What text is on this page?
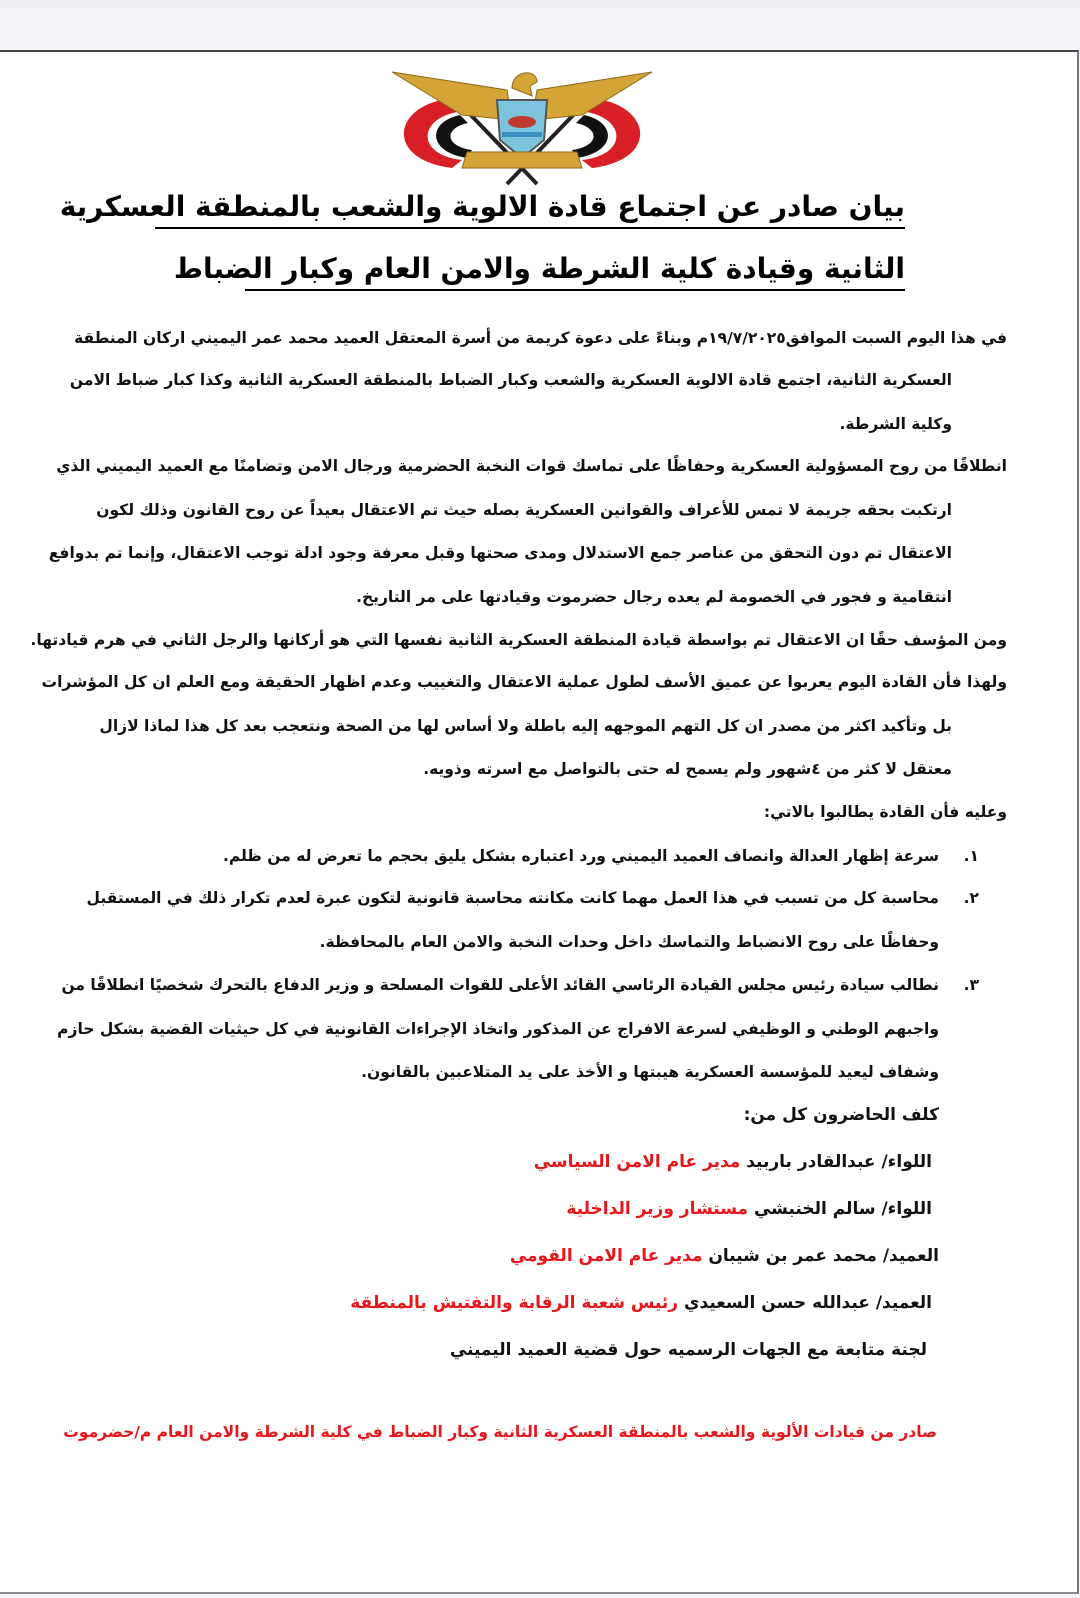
بيان صادر عن اجتماع قادة الالوية والشعب بالمنطقة العسكرية
الثانية وقيادة كلية الشرطة والامن العام وكبار الضباط
في هذا اليوم السبت الموافق١٩/٧/٢٠٢٥م وبناءً على دعوة كريمة من أسرة المعتقل العميد محمد عمر اليميني اركان المنطقة
العسكرية الثانية، اجتمع قادة الالوية العسكرية والشعب وكبار الضباط بالمنطقة العسكرية الثانية وكذا كبار ضباط الامن
وكلية الشرطة.
انطلاقًا من روح المسؤولية العسكرية وحفاظًا على تماسك قوات النخبة الحضرمية ورجال الامن وتضامنًا مع العميد اليميني الذي
ارتكبت بحقه جريمة لا تمس للأعراف والقوانين العسكرية بصله حيث تم الاعتقال بعيداً عن روح القانون وذلك لكون
الاعتقال تم دون التحقق من عناصر جمع الاستدلال ومدى صحتها وقبل معرفة وجود ادلة توجب الاعتقال، وإنما تم بدوافع
انتقامية و فجور في الخصومة لم يعده رجال حضرموت وقيادتها على مر التاريخ.
ومن المؤسف حقًا ان الاعتقال تم بواسطة قيادة المنطقة العسكرية الثانية نفسها التي هو أركانها والرجل الثاني في هرم قيادتها.
ولهذا فأن القادة اليوم يعربوا عن عميق الأسف لطول عملية الاعتقال والتغييب وعدم اظهار الحقيقة ومع العلم ان كل المؤشرات
بل وتأكيد اكثر من مصدر ان كل التهم الموجهه إليه باطلة ولا أساس لها من الصحة ونتعجب بعد كل هذا لماذا لازال
معتقل لا كثر من ٤شهور ولم يسمح له حتى بالتواصل مع اسرته وذويه.
وعليه فأن القادة يطالبوا بالاتي:
١.سرعة إظهار العدالة وانصاف العميد اليميني ورد اعتباره بشكل يليق بحجم ما تعرض له من ظلم.
٢.محاسبة كل من تسبب في هذا العمل مهما كانت مكانته محاسبة قانونية لتكون عبرة لعدم تكرار ذلك في المستقبل
وحفاظًا على روح الانضباط والتماسك داخل وحدات النخبة والامن العام بالمحافظة.
٣.نطالب سيادة رئيس مجلس القيادة الرئاسي القائد الأعلى للقوات المسلحة و وزير الدفاع بالتحرك شخصيًا انطلاقًا من
واجبهم الوطني و الوظيفي لسرعة الافراج عن المذكور واتخاذ الإجراءات القانونية في كل حيثيات القضية بشكل حازم
وشفاف ليعيد للمؤسسة العسكرية هيبتها و الأخذ على يد المتلاعبين بالقانون.
كلف الحاضرون كل من:
اللواء/ عبدالقادر باربيد مدير عام الامن السياسي
اللواء/ سالم الخنبشي مستشار وزير الداخلية
العميد/ محمد عمر بن شيبان مدير عام الامن القومي
العميد/ عبدالله حسن السعيدي رئيس شعبة الرقابة والتفتيش بالمنطقة
لجنة متابعة مع الجهات الرسميه حول قضية العميد اليميني
صادر من قيادات الألوية والشعب بالمنطقة العسكرية الثانية وكبار الضباط في كلية الشرطة والامن العام م/حضرموت
